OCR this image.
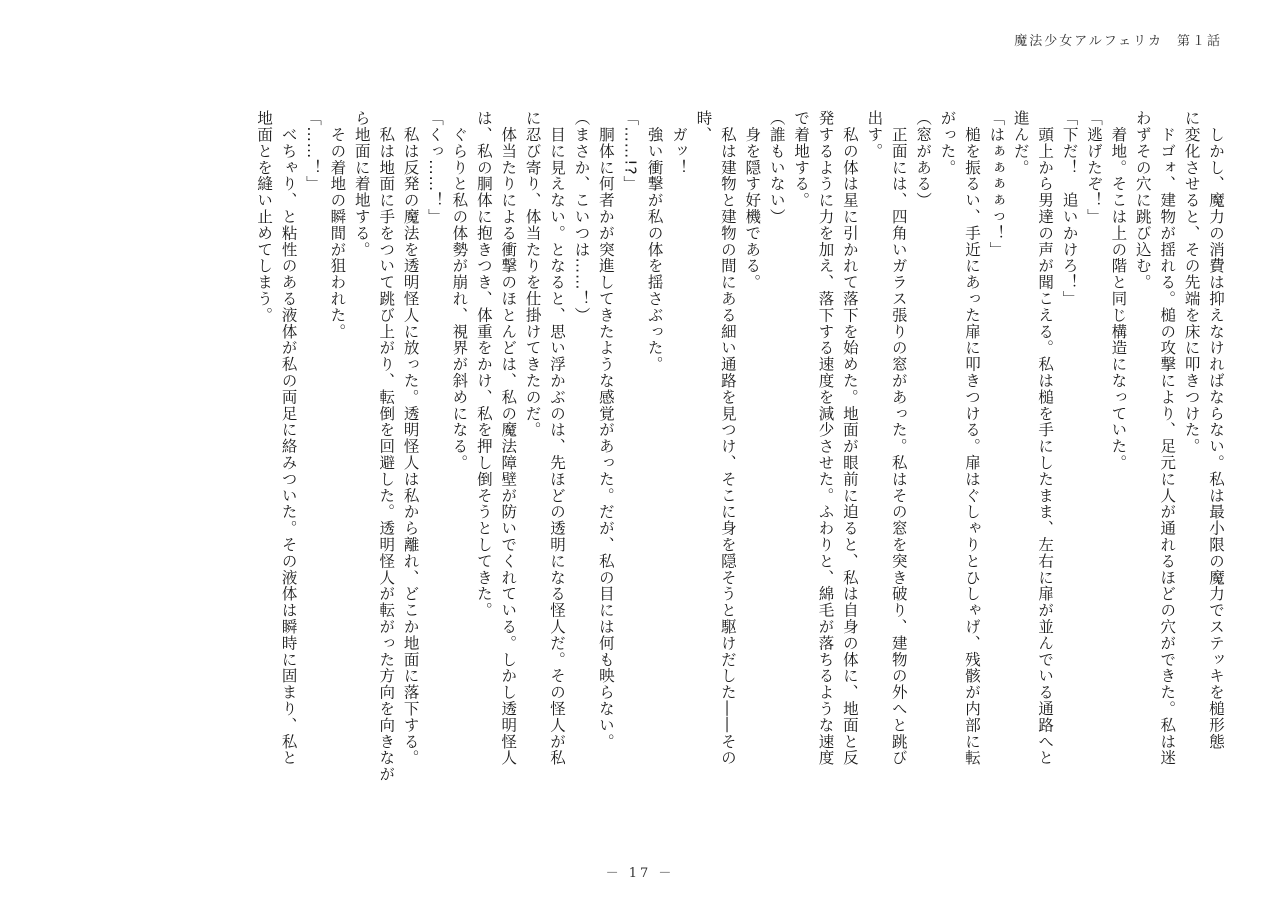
魔法少女アルフェリカ 第１話
　しかし、魔力の消費は抑えなければならない。私は最小限の魔力でステッキを槌形態
に変化させると、その先端を床に叩きつけた。
　ドゴォ、建物が揺れる。槌の攻撃により、足元に人が通れるほどの穴ができた。私は迷
わずその穴に跳び込む。
　着地。そこは上の階と同じ構造になっていた。
「逃げたぞ！」
「下だ！　追いかけろ！」
　頭上から男達の声が聞こえる。私は槌を手にしたまま、左右に扉が並んでいる通路へと
進んだ。
「はぁぁぁぁっ！」
　槌を振るい、手近にあった扉に叩きつける。扉はぐしゃりとひしゃげ、残骸が内部に転
がった。
（窓がある）
　正面には、四角いガラス張りの窓があった。私はその窓を突き破り、建物の外へと跳び
出す。
　私の体は星に引かれて落下を始めた。地面が眼前に迫ると、私は自身の体に、地面と反
発するように力を加え、落下する速度を減少させた。ふわりと、綿毛が落ちるような速度
で着地する。
（誰もいない）
　身を隠す好機である。
　私は建物と建物の間にある細い通路を見つけ、そこに身を隠そうと駆けだした――その
時、
　ガッ！
　強い衝撃が私の体を揺さぶった。
「……!?」
　胴体に何者かが突進してきたような感覚があった。だが、私の目には何も映らない。
（まさか、こいつは……！）
　目に見えない。となると、思い浮かぶのは、先ほどの透明になる怪人だ。その怪人が私
に忍び寄り、体当たりを仕掛けてきたのだ。
　体当たりによる衝撃のほとんどは、私の魔法障壁が防いでくれている。しかし透明怪人
は、私の胴体に抱きつき、体重をかけ、私を押し倒そうとしてきた。
　ぐらりと私の体勢が崩れ、視界が斜めになる。
「くっ……！」
　私は反発の魔法を透明怪人に放った。透明怪人は私から離れ、どこか地面に落下する。
　私は地面に手をついて跳び上がり、転倒を回避した。透明怪人が転がった方向を向きなが
ら地面に着地する。
　その着地の瞬間が狙われた。
「……！」
　べちゃり、と粘性のある液体が私の両足に絡みついた。その液体は瞬時に固まり、私と
地面とを縫い止めてしまう。
－ 17 －
